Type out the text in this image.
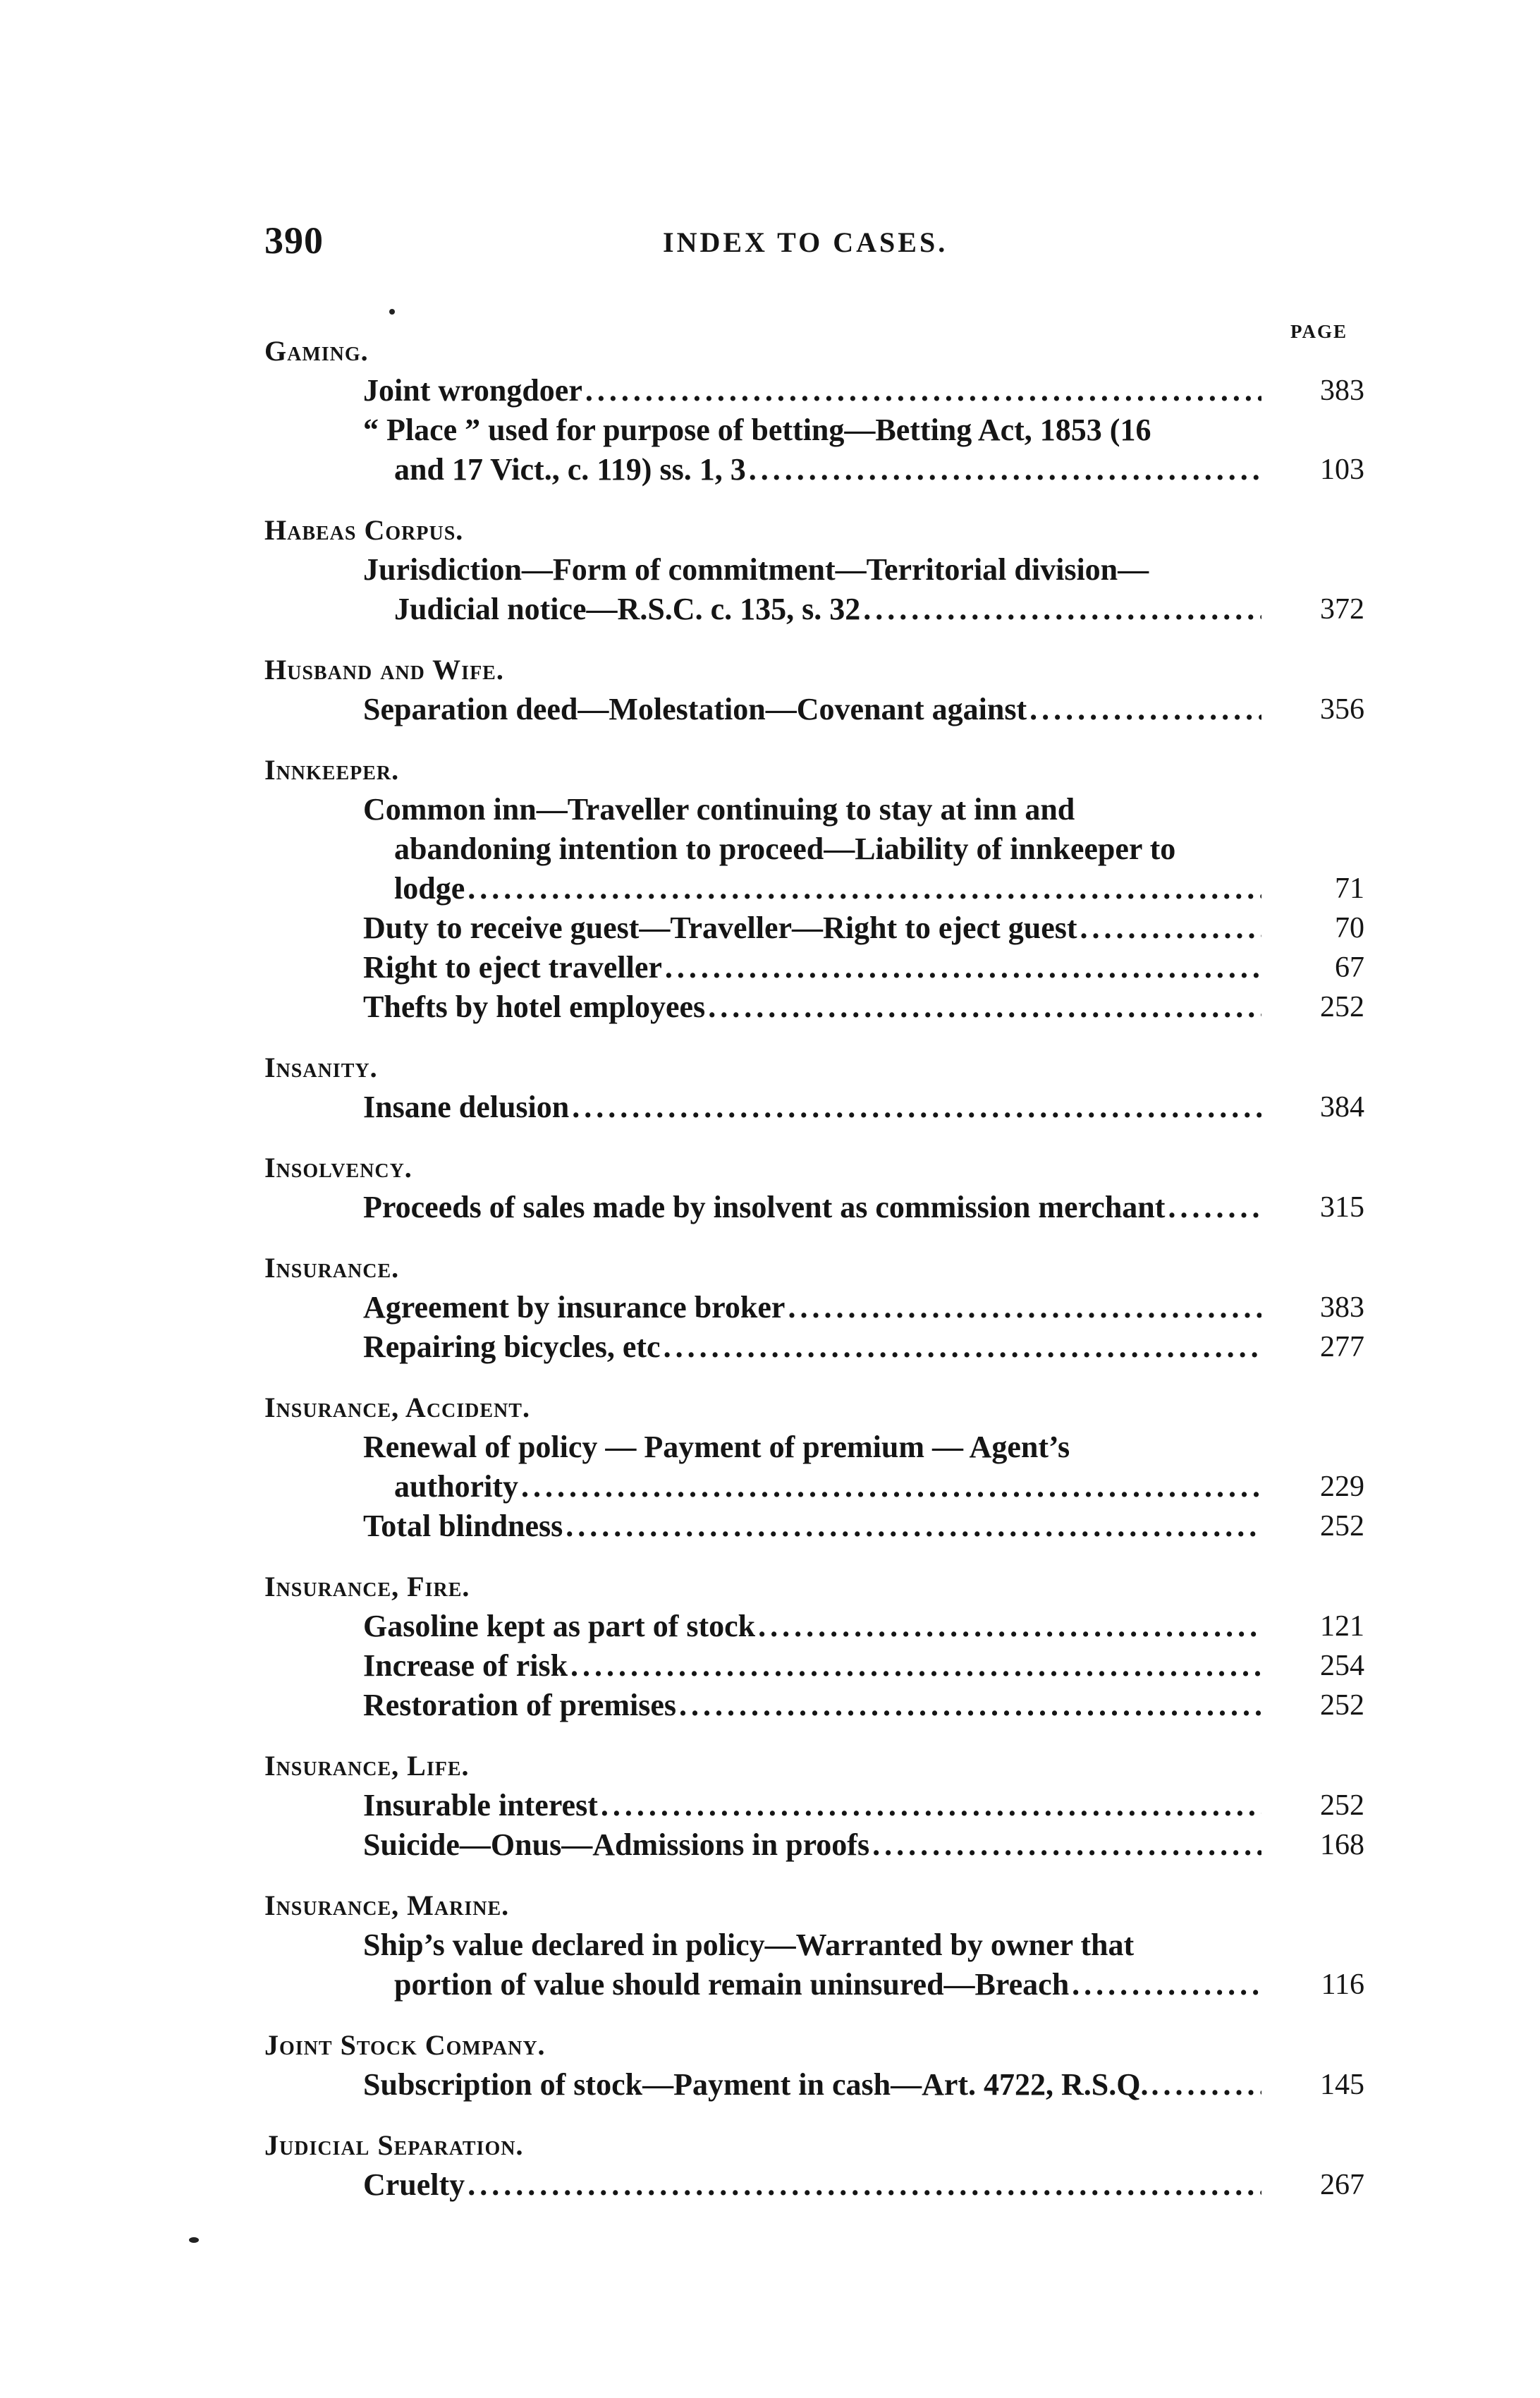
390	INDEX TO CASES.
PAGE
Gaming.
Joint wrongdoer .....	383
“ Place ” used for purpose of betting—Betting Act, 1853 (16
and 17 Vict., c. 119) ss. 1, 3 .....	103
Habeas Corpus.
Jurisdiction—Form of commitment—Territorial division—
Judicial notice—R.S.C. c. 135, s. 32 .....	372
Husband and Wife.
Separation deed—Molestation—Covenant against .....	356
Innkeeper.
Common inn—Traveller continuing to stay at inn and
abandoning intention to proceed—Liability of innkeeper to
lodge .....	71
Duty to receive guest—Traveller—Right to eject guest .....	70
Right to eject traveller .....	67
Thefts by hotel employees .....	252
Insanity.
Insane delusion .....	384
Insolvency.
Proceeds of sales made by insolvent as commission merchant .....	315
Insurance.
Agreement by insurance broker .....	383
Repairing bicycles, etc .....	277
Insurance, Accident.
Renewal of policy — Payment of premium — Agent’s
authority .....	229
Total blindness .....	252
Insurance, Fire.
Gasoline kept as part of stock .....	121
Increase of risk .....	254
Restoration of premises .....	252
Insurance, Life.
Insurable interest .....	252
Suicide—Onus—Admissions in proofs .....	168
Insurance, Marine.
Ship’s value declared in policy—Warranted by owner that
portion of value should remain uninsured—Breach .....	116
Joint Stock Company.
Subscription of stock—Payment in cash—Art. 4722, R.S.Q. .....	145
Judicial Separation.
Cruelty .....	267
